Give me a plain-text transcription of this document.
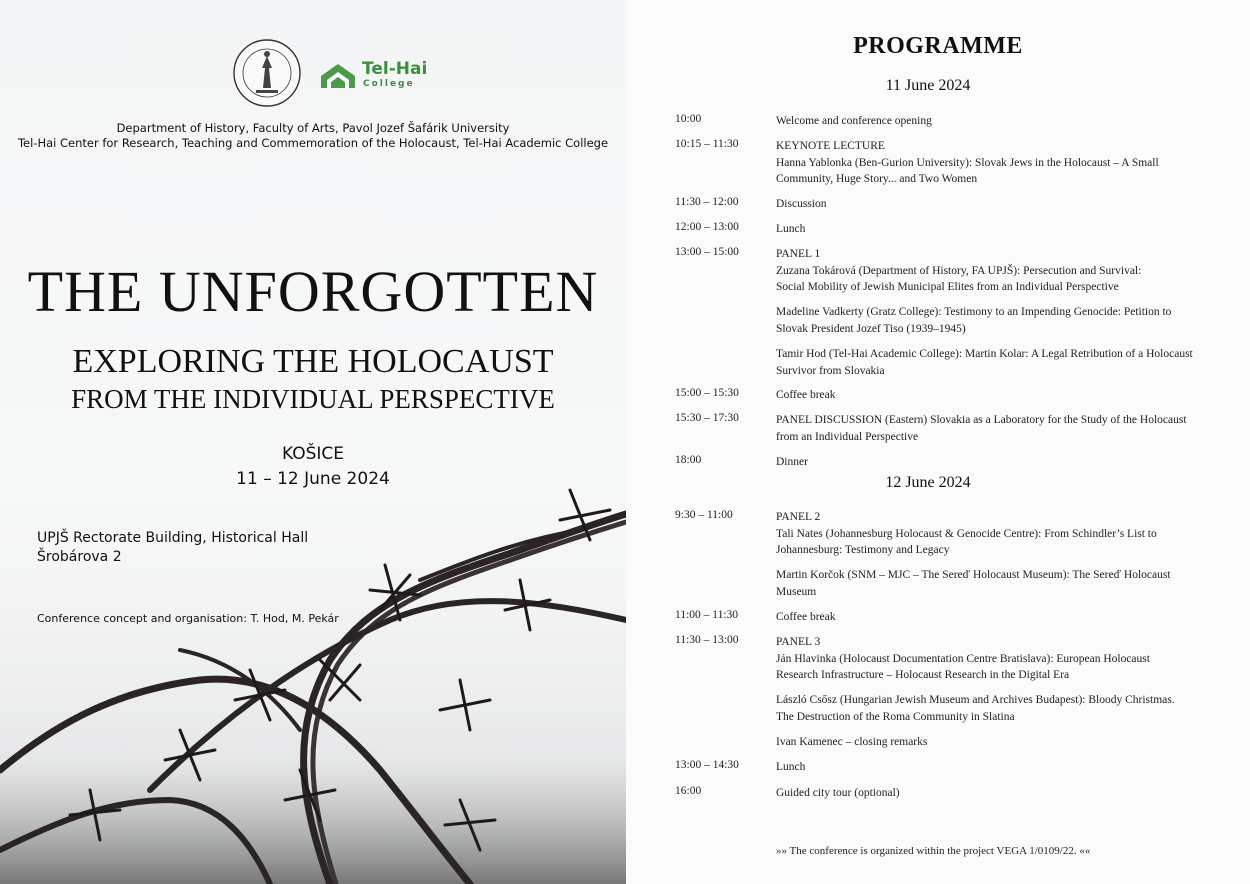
Tel-Hai
College
Department of History, Faculty of Arts, Pavol Jozef Šafárik University
Tel-Hai Center for Research, Teaching and Commemoration of the Holocaust, Tel-Hai Academic College
THE UNFORGOTTEN
EXPLORING THE HOLOCAUST
FROM THE INDIVIDUAL PERSPECTIVE
KOŠICE
11 – 12 June 2024
UPJŠ Rectorate Building, Historical Hall
Šrobárova 2
Conference concept and organisation: T. Hod, M. Pekár
PROGRAMME
11 June 2024
12 June 2024
10:00	Welcome and conference opening
10:15 – 11:30	KEYNOTE LECTURE
Hanna Yablonka (Ben-Gurion University): Slovak Jews in the Holocaust – A Small
Community, Huge Story... and Two Women
11:30 – 12:00	Discussion
12:00 – 13:00	Lunch
13:00 – 15:00	PANEL 1
Zuzana Tokárová (Department of History, FA UPJŠ): Persecution and Survival:
Social Mobility of Jewish Municipal Elites from an Individual Perspective
Madeline Vadkerty (Gratz College): Testimony to an Impending Genocide: Petition to
Slovak President Jozef Tiso (1939–1945)
Tamir Hod (Tel-Hai Academic College): Martin Kolar: A Legal Retribution of a Holocaust
Survivor from Slovakia
15:00 – 15:30	Coffee break
15:30 – 17:30	PANEL DISCUSSION (Eastern) Slovakia as a Laboratory for the Study of the Holocaust
from an Individual Perspective
18:00	Dinner
9:30 – 11:00	PANEL 2
Tali Nates (Johannesburg Holocaust & Genocide Centre): From Schindler’s List to
Johannesburg: Testimony and Legacy
Martin Korčok (SNM – MJC – The Sereď Holocaust Museum): The Sereď Holocaust
Museum
11:00 – 11:30	Coffee break
11:30 – 13:00	PANEL 3
Ján Hlavinka (Holocaust Documentation Centre Bratislava): European Holocaust
Research Infrastructure – Holocaust Research in the Digital Era
László Csősz (Hungarian Jewish Museum and Archives Budapest): Bloody Christmas.
The Destruction of the Roma Community in Slatina
Ivan Kamenec – closing remarks
13:00 – 14:30	Lunch
16:00	Guided city tour (optional)
»» The conference is organized within the project VEGA 1/0109/22. ««
